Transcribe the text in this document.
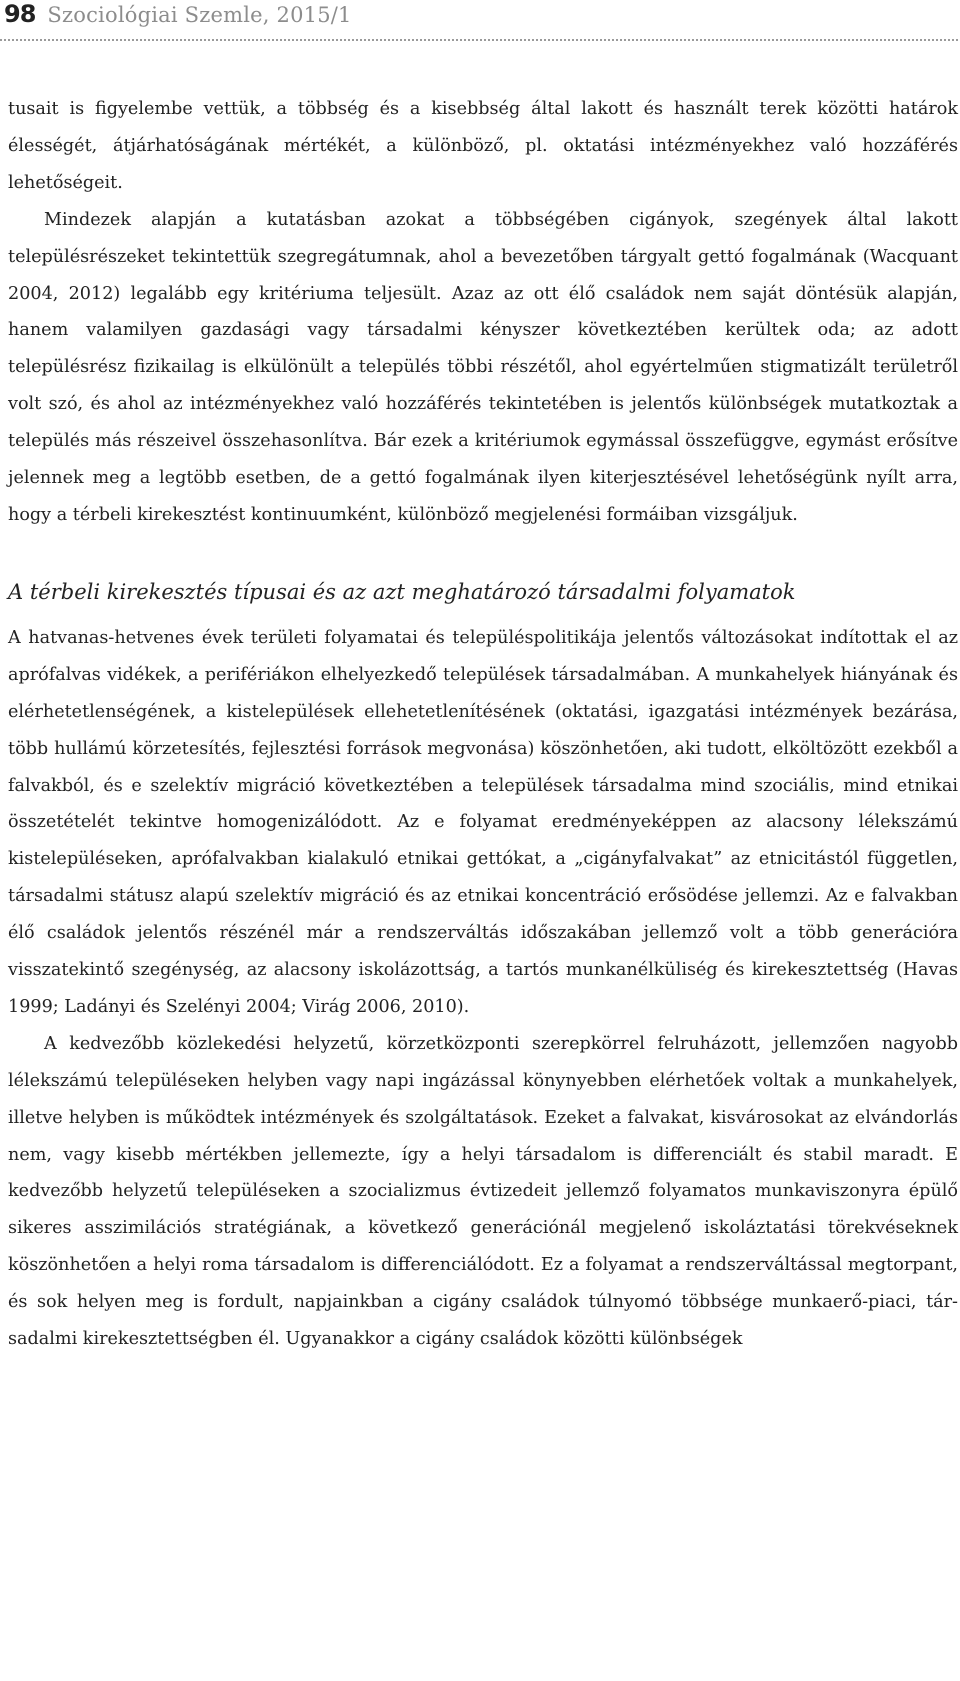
98 Szociológiai Szemle, 2015/1

tusait is figyelembe vettük, a többség és a kisebbség által lakott és használt terek közötti határok élességét, átjárhatóságának mértékét, a különböző, pl. oktatási intézményekhez való hozzáférés lehetőségeit.

Mindezek alapján a kutatásban azokat a többségében cigányok, szegények által lakott településrészeket tekintettük szegregátumnak, ahol a bevezetőben tárgyalt gettó fogalmának (Wacquant 2004, 2012) legalább egy kritériuma teljesült. Azaz az ott élő családok nem saját döntésük alapján, hanem valamilyen gazdasági vagy társadalmi kényszer következtében kerültek oda; az adott településrész fizikailag is elkülönült a település többi részétől, ahol egyértelműen stigmatizált területről volt szó, és ahol az intézményekhez való hozzáférés tekintetében is jelentős különbségek mutatkoztak a település más részeivel összehasonlítva. Bár ezek a kritériumok egymással összefüggve, egymást erősítve jelennek meg a legtöbb esetben, de a gettó fogalmának ilyen kiterjesztésével lehetőségünk nyílt arra, hogy a térbeli kirekesztést kontinuumként, különböző megjelenési formáiban vizsgáljuk.

A térbeli kirekesztés típusai és az azt meghatározó társadalmi folyamatok

A hatvanas-hetvenes évek területi folyamatai és településpolitikája jelentős változásokat indítottak el az aprófalvas vidékek, a perifériákon elhelyezkedő települések társadalmában. A munkahelyek hiányának és elérhetetlenségének, a kistelepülések ellehetetlenítésének (oktatási, igazgatási intézmények bezárása, több hullámú körzetesítés, fejlesztési források megvonása) köszönhetően, aki tudott, elköltözött ezekből a falvakból, és e szelektív migráció következtében a települések társadalma mind szociális, mind etnikai összetételét tekintve homogenizálódott. Az e folyamat eredményeképpen az alacsony lélekszámú kistelepüléseken, aprófalvakban kialakuló etnikai gettókat, a „cigányfalvakat” az etnicitástól független, társadalmi státusz alapú szelektív migráció és az etnikai koncentráció erősödése jellemzi. Az e falvakban élő családok jelentős részénél már a rendszerváltás időszakában jellemző volt a több generációra visszatekintő szegénység, az alacsony iskolázottság, a tartós munkanélküliség és kirekesztettség (Havas 1999; Ladányi és Szelényi 2004; Virág 2006, 2010).

A kedvezőbb közlekedési helyzetű, körzetközponti szerepkörrel felruházott, jellemzően nagyobb lélekszámú településeken helyben vagy napi ingázással könynyebben elérhetőek voltak a munkahelyek, illetve helyben is működtek intézmények és szolgáltatások. Ezeket a falvakat, kisvárosokat az elvándorlás nem, vagy kisebb mértékben jellemezte, így a helyi társadalom is differenciált és stabil maradt. E kedvezőbb helyzetű településeken a szocializmus évtizedeit jellemző folyamatos munkaviszonyra épülő sikeres asszimilációs stratégiának, a következő generációnál megjelenő iskoláztatási törekvéseknek köszönhetően a helyi roma társadalom is differenciálódott. Ez a folyamat a rendszerváltással megtorpant, és sok helyen meg is fordult, napjainkban a cigány családok túlnyomó többsége munkaerő-piaci, társadalmi kirekesztettségben él. Ugyanakkor a cigány családok közötti különbségek
